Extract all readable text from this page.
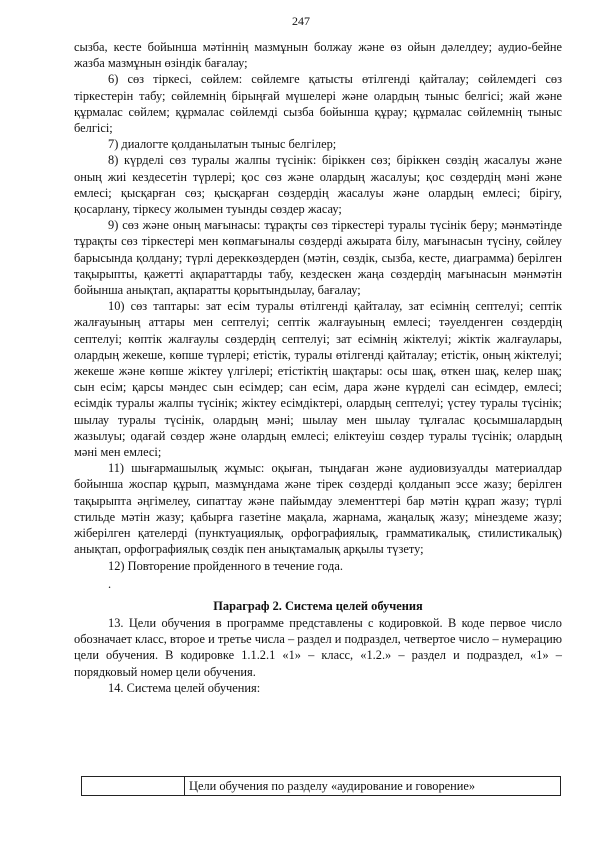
247

сызба, кесте бойынша мәтіннің мазмұнын болжау және өз ойын дәлелдеу; аудио-бейне жазба мазмұнын өзіндік бағалау;

6) сөз тіркесі, сөйлем: сөйлемге қатысты өтілгенді қайталау; сөйлемдегі сөз тіркестерін табу; сөйлемнің бірыңғай мүшелері және олардың тыныс белгісі; жай және құрмалас сөйлем; құрмалас сөйлемді сызба бойынша құрау; құрмалас сөйлемнің тыныс белгісі;

7) диалогте қолданылатын тыныс белгілер;

8) күрделі сөз туралы жалпы түсінік: біріккен сөз; біріккен сөздің жасалуы және оның жиі кездесетін түрлері; қос сөз және олардың жасалуы; қос сөздердің мәні және емлесі; қысқарған сөз; қысқарған сөздердің жасалуы және олардың емлесі; бірігу, қосарлану, тіркесу жолымен туынды сөздер жасау;

9) сөз және оның мағынасы: тұрақты сөз тіркестері туралы түсінік беру; мәнмәтінде тұрақты сөз тіркестері мен көпмағыналы сөздерді ажырата білу, мағынасын түсіну, сөйлеу барысында қолдану; түрлі дереккөздерден (мәтін, сөздік, сызба, кесте, диаграмма) берілген тақырыпты, қажетті ақпараттарды табу, кездескен жаңа сөздердің мағынасын мәнмәтін бойынша анықтап, ақпаратты қорытындылау, бағалау;

10) сөз таптары: зат есім туралы өтілгенді қайталау, зат есімнің септелуі; септік жалғауының аттары мен септелуі; септік жалғауының емлесі; тәуелденген сөздердің септелуі; көптік жалғаулы сөздердің септелуі; зат есімнің жіктелуі; жіктік жалғаулары, олардың жекеше, көпше түрлері; етістік, туралы өтілгенді қайталау; етістік, оның жіктелуі; жекеше және көпше жіктеу үлгілері; етістіктің шақтары: осы шақ, өткен шақ, келер шақ; сын есім; қарсы мәндес сын есімдер; сан есім, дара және күрделі сан есімдер, емлесі; есімдік туралы жалпы түсінік; жіктеу есімдіктері, олардың септелуі; үстеу туралы түсінік; шылау туралы түсінік, олардың мәні; шылау мен шылау тұлғалас қосымшалардың жазылуы; одағай сөздер және олардың емлесі; еліктеуіш сөздер туралы түсінік; олардың мәні мен емлесі;

11) шығармашылық жұмыс: оқыған, тыңдаған және аудиовизуалды материалдар бойынша жоспар құрып, мазмұндама және тірек сөздерді қолданып эссе жазу; берілген тақырыпта әңгімелеу, сипаттау және пайымдау элементтері бар мәтін құрап жазу; түрлі стильде мәтін жазу; қабырға газетіне мақала, жарнама, жаңалық жазу; мінездеме жазу; жіберілген қателерді (пунктуациялық, орфографиялық, грамматикалық, стилистикалық) анықтап, орфографиялық сөздік пен анықтамалық арқылы түзету;

12) Повторение пройденного в течение года.

.
Параграф 2. Система целей обучения

13. Цели обучения в программе представлены с кодировкой. В коде первое число обозначает класс, второе и третье числа – раздел и подраздел, четвертое число – нумерацию цели обучения. В кодировке 1.1.2.1 «1» – класс, «1.2.» – раздел и подраздел, «1» – порядковый номер цели обучения.

14. Система целей обучения:

Цели обучения по разделу «аудирование и говорение»
